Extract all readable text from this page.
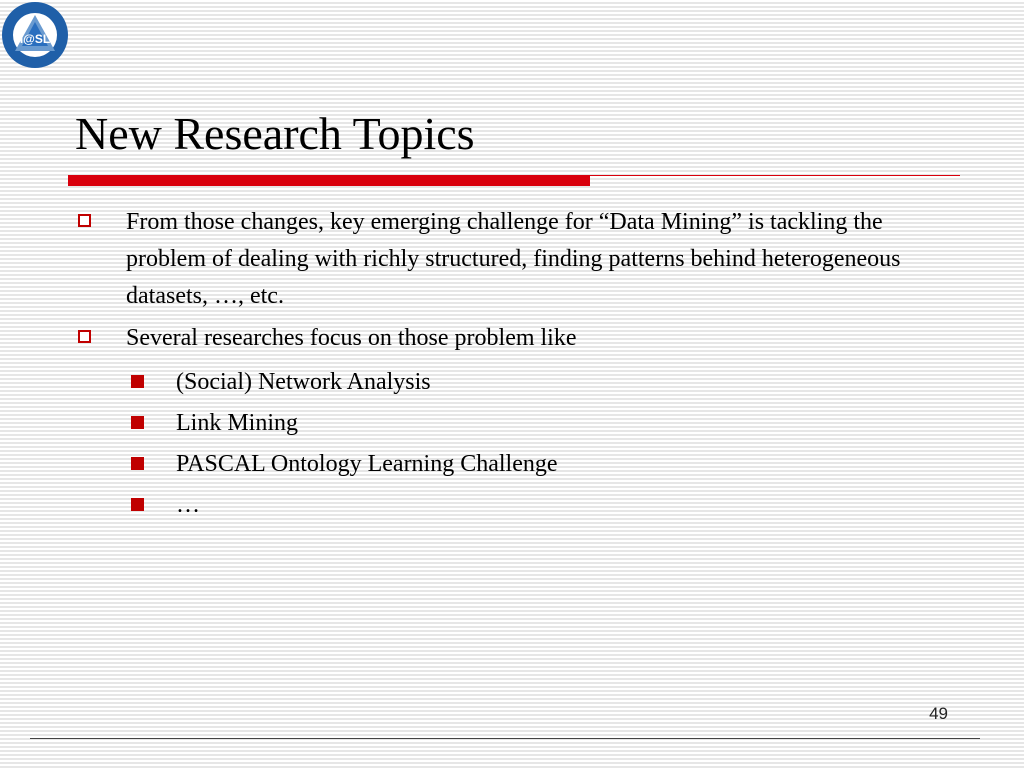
I@SL
New Research Topics
From those changes, key emerging challenge for “Data Mining” is tackling the problem of dealing with richly structured, finding patterns behind heterogeneous datasets, …, etc.
Several researches focus on those problem like
(Social) Network Analysis
Link Mining
PASCAL Ontology Learning Challenge
…
49
